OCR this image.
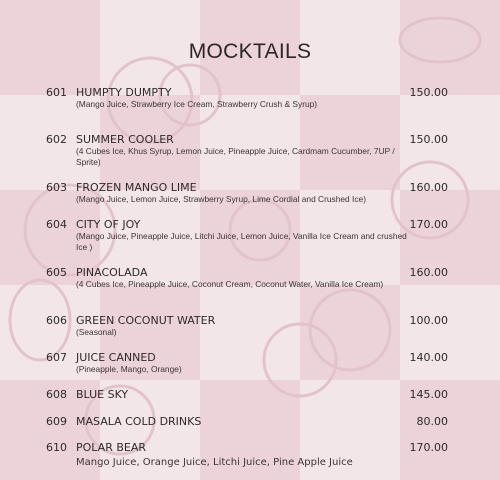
MOCKTAILS
601 HUMPTY DUMPTY	150.00
(Mango Juice, Strawberry Ice Cream, Strawberry Crush & Syrup)
602 SUMMER COOLER	150.00
(4 Cubes Ice, Khus Syrup, Lemon Juice, Pineapple Juice, Cardmam Cucumber, 7UP / Sprite)
603 FROZEN MANGO LIME	160.00
(Mango Juice, Lemon Juice, Strawberry Syrup, Lime Cordial and Crushed Ice)
604 CITY OF JOY	170.00
(Mango Juice, Pineapple Juice, Litchi Juice, Lemon Juice, Vanilla Ice Cream and crushed Ice )
605 PINACOLADA	160.00
(4 Cubes Ice, Pineapple Juice, Coconut Cream, Coconut Water, Vanilla Ice Cream)
606 GREEN COCONUT WATER	100.00
(Seasonal)
607 JUICE CANNED	140.00
(Pineapple, Mango, Orange)
608 BLUE SKY	145.00
609 MASALA COLD DRINKS	80.00
610 POLAR BEAR	170.00
Mango Juice, Orange Juice, Litchi Juice, Pine Apple Juice
